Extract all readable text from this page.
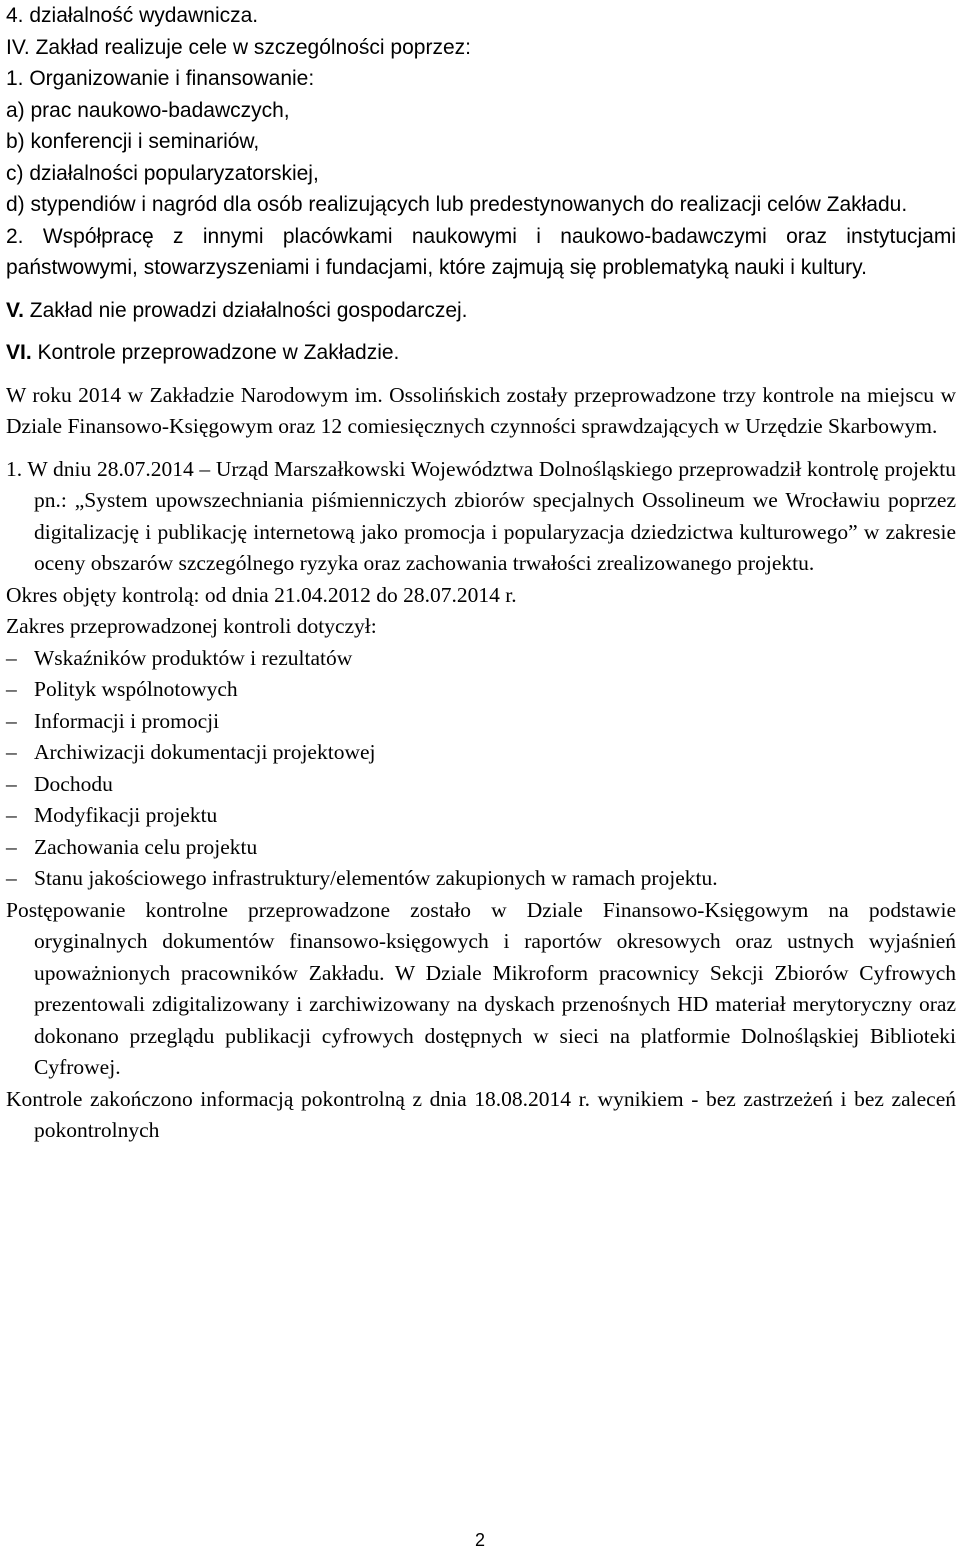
4. działalność wydawnicza.

IV. Zakład realizuje cele w szczególności poprzez:

1. Organizowanie i finansowanie:

a) prac naukowo-badawczych,

b) konferencji i seminariów,

c) działalności popularyzatorskiej,

d) stypendiów i nagród dla osób realizujących lub predestynowanych do realizacji celów Zakładu.

2. Współpracę z innymi placówkami naukowymi i naukowo-badawczymi oraz instytucjami państwowymi, stowarzyszeniami i fundacjami, które zajmują się problematyką nauki i kultury.

V. Zakład nie prowadzi działalności gospodarczej.

VI. Kontrole przeprowadzone w Zakładzie.

W roku 2014 w Zakładzie Narodowym im. Ossolińskich zostały przeprowadzone trzy kontrole na miejscu w Dziale Finansowo-Księgowym oraz 12 comiesięcznych czynności sprawdzających w Urzędzie Skarbowym.

1. W dniu 28.07.2014 – Urząd Marszałkowski Województwa Dolnośląskiego przeprowadził kontrolę projektu pn.: „System upowszechniania piśmienniczych zbiorów specjalnych Ossolineum we Wrocławiu poprzez digitalizację i publikację internetową jako promocja i popularyzacja dziedzictwa kulturowego” w zakresie oceny obszarów szczególnego ryzyka oraz zachowania trwałości zrealizowanego projektu.

Okres objęty kontrolą: od dnia 21.04.2012 do 28.07.2014 r.

Zakres przeprowadzonej kontroli dotyczył:

– Wskaźników produktów i rezultatów
– Polityk wspólnotowych
– Informacji i promocji
– Archiwizacji dokumentacji projektowej
– Dochodu
– Modyfikacji projektu
– Zachowania celu projektu
– Stanu jakościowego infrastruktury/elementów zakupionych w ramach projektu.

Postępowanie kontrolne przeprowadzone zostało w Dziale Finansowo-Księgowym na podstawie oryginalnych dokumentów finansowo-księgowych i raportów okresowych oraz ustnych wyjaśnień upoważnionych pracowników Zakładu. W Dziale Mikroform pracownicy Sekcji Zbiorów Cyfrowych prezentowali zdigitalizowany i zarchiwizowany na dyskach przenośnych HD materiał merytoryczny oraz dokonano przeglądu publikacji cyfrowych dostępnych w sieci na platformie Dolnośląskiej Biblioteki Cyfrowej.

Kontrole zakończono informacją pokontrolną z dnia 18.08.2014 r. wynikiem - bez zastrzeżeń i bez zaleceń pokontrolnych

2
